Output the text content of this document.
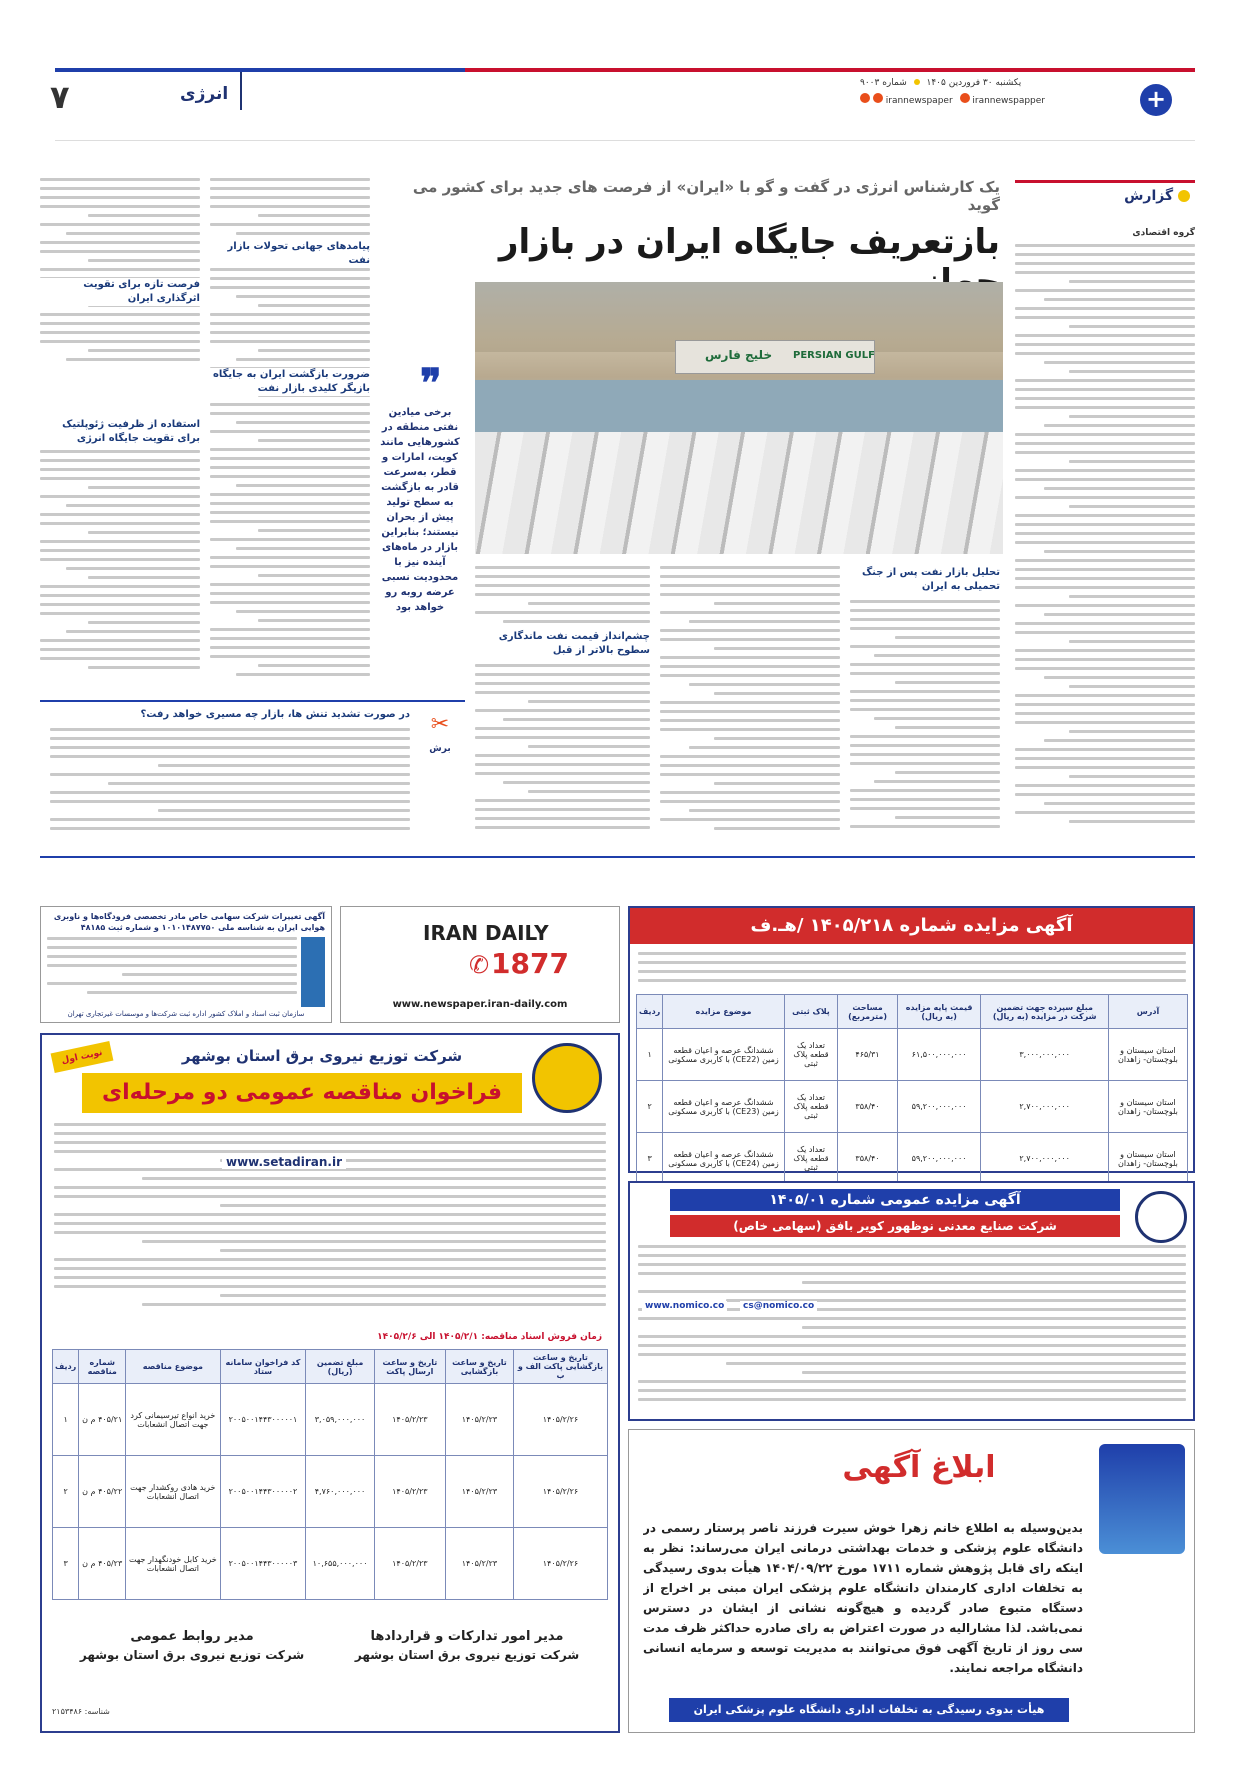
۷	انرژی
یکشنبه ۳۰ فروردین ۱۴۰۵  شماره ۹۰۰۳
irannewspaper irannewspapper	+
گزارش
گروه اقتصادی
یک کارشناس انرژی در گفت و گو با «ایران» از فرصت های جدید برای کشور می گوید
بازتعریف جایگاه ایران در بازار
فرصت تازه برای تقویت اثرگذاری ایران
استفاده از ظرفیت ژئوپلتیک برای تقویت جایگاه انرژی
پیامدهای جهانی تحولات بازار نفت
ضرورت بازگشت ایران به جایگاه بازیگر کلیدی بازار نفت ❞
برخی میادین نفتی منطقه در کشورهایی مانند کویت، امارات و قطر، به‌سرعت قادر به بازگشت به سطح تولید پیش از بحران نیستند؛ بنابراین بازار در ماه‌های آینده نیز با محدودیت نسبی عرضه روبه رو خواهد بود
خلیج فارس PERSIAN GULF
تحلیل بازار نفت پس از جنگ تحمیلی به ایران
چشم‌انداز قیمت نفت ماندگاری سطوح بالاتر از قبل
✂
برش
در صورت تشدید تنش ها، بازار چه مسیری خواهد رفت؟
آگهی مزایده شماره ۱۴۰۵/۲۱۸ /هـ.ف
آدرس	مبلغ سپرده جهت تضمین شرکت در مزایده (به ریال)	قیمت پایه مزایده (به ریال)	مساحت (مترمربع)	پلاک ثبتی	موضوع مزایده	ردیف
استان سیستان و بلوچستان- زاهدان	۳,۰۰۰,۰۰۰,۰۰۰	۶۱,۵۰۰,۰۰۰,۰۰۰	۴۶۵/۳۱	تعداد یک قطعه پلاک ثبتی	ششدانگ عرصه و اعیان قطعه زمین (CE22) با کاربری مسکونی	۱
استان سیستان و بلوچستان- زاهدان	۲,۷۰۰,۰۰۰,۰۰۰	۵۹,۲۰۰,۰۰۰,۰۰۰	۳۵۸/۴۰	تعداد یک قطعه پلاک ثبتی	ششدانگ عرصه و اعیان قطعه زمین (CE23) با کاربری مسکونی	۲
استان سیستان و بلوچستان- زاهدان	۲,۷۰۰,۰۰۰,۰۰۰	۵۹,۲۰۰,۰۰۰,۰۰۰	۳۵۸/۴۰	تعداد یک قطعه پلاک ثبتی	ششدانگ عرصه و اعیان قطعه زمین (CE24) با کاربری مسکونی	۳
IRAN DAILY
✆ 1877
www.newspaper.iran-daily.com
آگهی تغییرات شرکت سهامی خاص مادر تخصصی فرودگاه‌ها و ناوبری هوایی ایران به شناسه ملی ۱۰۱۰۱۴۸۷۷۵۰ و شماره ثبت ۴۸۱۸۵
سازمان ثبت اسناد و املاک کشور اداره ثبت شرکت‌ها و موسسات غیرتجاری تهران
شرکت توزیع نیروی برق استان بوشهر
نوبت اول
فراخوان مناقصه عمومی دو مرحله‌ای
www.setadiran.ir
زمان فروش اسناد مناقصه: ۱۴۰۵/۲/۱ الی ۱۴۰۵/۲/۶
تاریخ و ساعت بازگشایی پاکت الف و ب	تاریخ و ساعت بازگشایی	تاریخ و ساعت ارسال پاکت	مبلغ تضمین (ریال)	کد فراخوان سامانه ستاد	موضوع مناقصه	شماره مناقصه	ردیف
۱۴۰۵/۲/۲۶	۱۴۰۵/۲/۲۳	۱۴۰۵/۲/۲۳	۳,۰۵۹,۰۰۰,۰۰۰	۲۰۰۵۰۰۱۴۴۳۰۰۰۰۰۱	خرید انواع تیرسیمانی کرد جهت اتصال انشعابات	۴۰۵/۲۱ م ن	۱
۱۴۰۵/۲/۲۶	۱۴۰۵/۲/۲۳	۱۴۰۵/۲/۲۳	۴,۷۶۰,۰۰۰,۰۰۰	۲۰۰۵۰۰۱۴۴۳۰۰۰۰۰۲	خرید هادی روکشدار جهت اتصال انشعابات	۴۰۵/۲۲ م ن	۲
۱۴۰۵/۲/۲۶	۱۴۰۵/۲/۲۳	۱۴۰۵/۲/۲۳	۱۰,۶۵۵,۰۰۰,۰۰۰	۲۰۰۵۰۰۱۴۴۳۰۰۰۰۰۳	خرید کابل خودنگهدار جهت اتصال انشعابات	۴۰۵/۲۳ م ن	۳
مدیر امور تدارکات و قراردادها
شرکت توزیع نیروی برق استان بوشهر
مدیر روابط عمومی
شرکت توزیع نیروی برق استان بوشهر
شناسه: ۲۱۵۳۴۸۶
آگهی مزایده عمومی شماره ۱۴۰۵/۰۱
شرکت صنایع معدنی نوظهور کویر بافق (سهامی خاص)
www.nomico.co	cs@nomico.co
ابلاغ آگهی
بدین‌وسیله به اطلاع خانم زهرا خوش سیرت فرزند ناصر پرستار رسمی در دانشگاه علوم پزشکی و خدمات بهداشتی درمانی ایران می‌رساند: نظر به اینکه رای قابل پژوهش شماره ۱۷۱۱ مورخ ۱۴۰۴/۰۹/۲۲ هیأت بدوی رسیدگی به تخلفات اداری کارمندان دانشگاه علوم پزشکی ایران مبنی بر اخراج از دستگاه متبوع صادر گردیده و هیچ‌گونه نشانی از ایشان در دسترس نمی‌باشد. لذا مشارالیه در صورت اعتراض به رای صادره حداکثر ظرف مدت سی روز از تاریخ آگهی فوق می‌توانند به مدیریت توسعه و سرمایه انسانی دانشگاه مراجعه نمایند.
هیأت بدوی رسیدگی به تخلفات اداری دانشگاه علوم پزشکی ایران
